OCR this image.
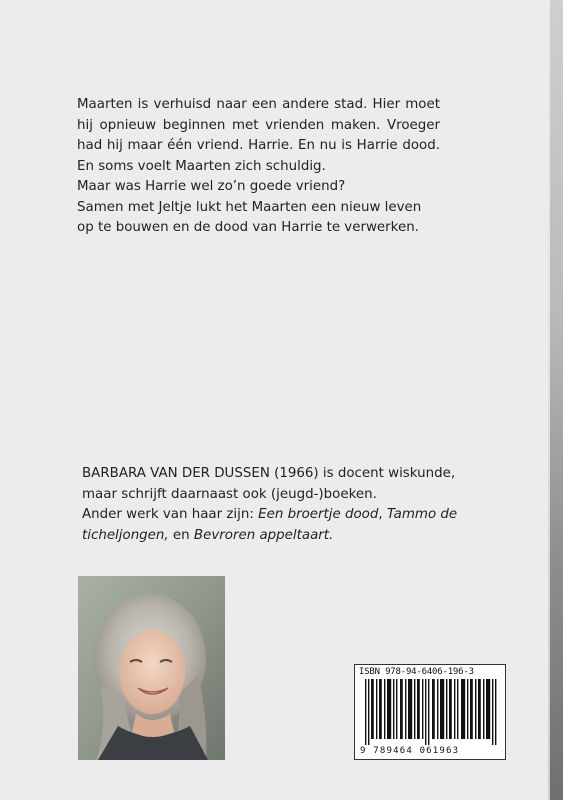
Maarten is verhuisd naar een andere stad. Hier moet hij opnieuw beginnen met vrienden maken. Vroeger had hij maar één vriend. Harrie. En nu is Harrie dood. En soms voelt Maarten zich schuldig.

Maar was Harrie wel zo’n goede vriend?

Samen met Jeltje lukt het Maarten een nieuw leven op te bouwen en de dood van Harrie te verwerken.

BARBARA VAN DER DUSSEN (1966) is docent wiskunde, maar schrijft daarnaast ook (jeugd-)boeken.

Ander werk van haar zijn: Een broertje dood, Tammo de ticheljongen, en Bevroren appeltaart.

ISBN 978-94-6406-196-3
9 789464 061963
